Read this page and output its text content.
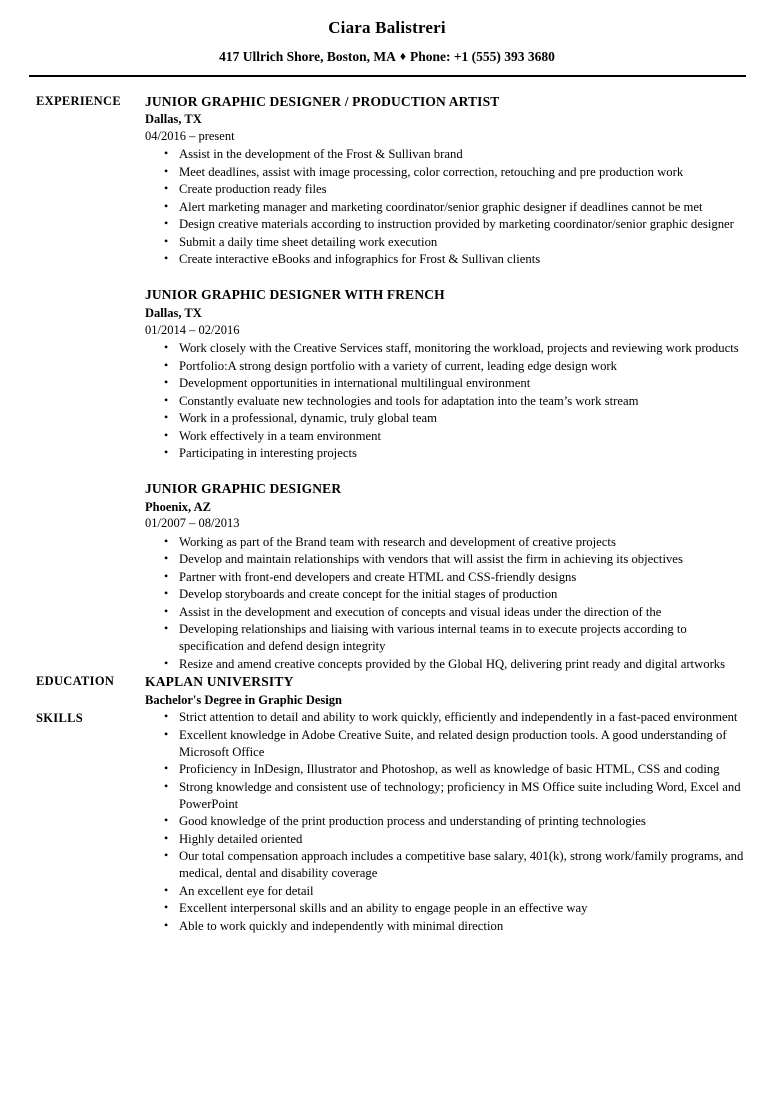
Ciara Balistreri
417 Ullrich Shore, Boston, MA ♦ Phone: +1 (555) 393 3680
EXPERIENCE	JUNIOR GRAPHIC DESIGNER / PRODUCTION ARTIST
Dallas, TX
04/2016 – present
• Assist in the development of the Frost & Sullivan brand
• Meet deadlines, assist with image processing, color correction, retouching and pre production work
• Create production ready files
• Alert marketing manager and marketing coordinator/senior graphic designer if deadlines cannot be met
• Design creative materials according to instruction provided by marketing coordinator/senior graphic designer
• Submit a daily time sheet detailing work execution
• Create interactive eBooks and infographics for Frost & Sullivan clients
JUNIOR GRAPHIC DESIGNER WITH FRENCH
Dallas, TX
01/2014 – 02/2016
• Work closely with the Creative Services staff, monitoring the workload, projects and reviewing work products
• Portfolio:A strong design portfolio with a variety of current, leading edge design work
• Development opportunities in international multilingual environment
• Constantly evaluate new technologies and tools for adaptation into the team’s work stream
• Work in a professional, dynamic, truly global team
• Work effectively in a team environment
• Participating in interesting projects
JUNIOR GRAPHIC DESIGNER
Phoenix, AZ
01/2007 – 08/2013
• Working as part of the Brand team with research and development of creative projects
• Develop and maintain relationships with vendors that will assist the firm in achieving its objectives
• Partner with front-end developers and create HTML and CSS-friendly designs
• Develop storyboards and create concept for the initial stages of production
• Assist in the development and execution of concepts and visual ideas under the direction of the
• Developing relationships and liaising with various internal teams in to execute projects according to specification and defend design integrity
• Resize and amend creative concepts provided by the Global HQ, delivering print ready and digital artworks
EDUCATION	KAPLAN UNIVERSITY
Bachelor's Degree in Graphic Design
SKILLS	• Strict attention to detail and ability to work quickly, efficiently and independently in a fast-paced environment
• Excellent knowledge in Adobe Creative Suite, and related design production tools. A good understanding of Microsoft Office
• Proficiency in InDesign, Illustrator and Photoshop, as well as knowledge of basic HTML, CSS and coding
• Strong knowledge and consistent use of technology; proficiency in MS Office suite including Word, Excel and PowerPoint
• Good knowledge of the print production process and understanding of printing technologies
• Highly detailed oriented
• Our total compensation approach includes a competitive base salary, 401(k), strong work/family programs, and medical, dental and disability coverage
• An excellent eye for detail
• Excellent interpersonal skills and an ability to engage people in an effective way
• Able to work quickly and independently with minimal direction
